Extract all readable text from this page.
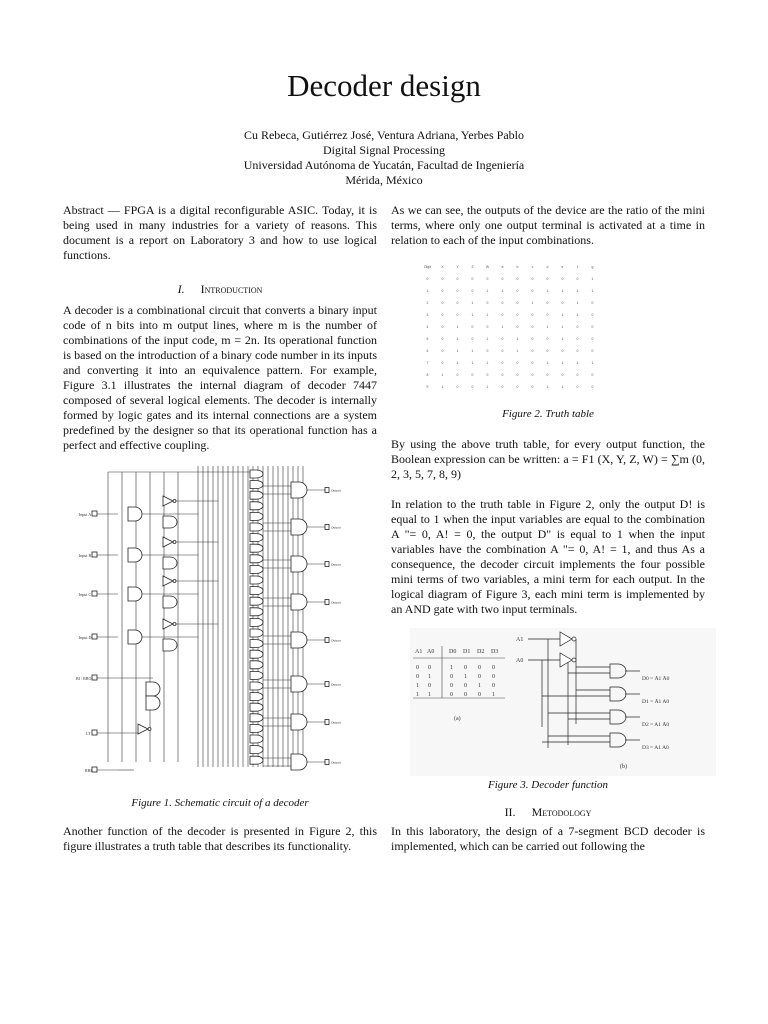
Decoder design
Cu Rebeca, Gutiérrez José, Ventura Adriana, Yerbes Pablo
Digital Signal Processing
Universidad Autónoma de Yucatán, Facultad de Ingeniería
Mérida, México
Abstract — FPGA is a digital reconfigurable ASIC. Today, it is being used in many industries for a variety of reasons. This document is a report on Laboratory 3 and how to use logical functions.
I. Introduction
A decoder is a combinational circuit that converts a binary input code of n bits into m output lines, where m is the number of combinations of the input code, m = 2n. Its operational function is based on the introduction of a binary code number in its inputs and converting it into an equivalence pattern. For example, Figure 3.1 illustrates the internal diagram of decoder 7447 composed of several logical elements. The decoder is internally formed by logic gates and its internal connections are a system predefined by the designer so that its operational function has a perfect and effective coupling.
Input A
Input B
Input C
Input D
BI / RBO
LT
RBI
Output
Output
Output
Output
Output
Output
Output
Output
Figure 1. Schematic circuit of a decoder
Another function of the decoder is presented in Figure 2, this figure illustrates a truth table that describes its functionality.
As we can see, the outputs of the device are the ratio of the mini terms, where only one output terminal is activated at a time in relation to each of the input combinations.
Digit	X	Y	Z	W	a	b	c	d	e	f	g
0	0	0	0	0	0	0	0	0	0	0	1
1	0	0	0	1	1	0	0	1	1	1	1
2	0	0	1	0	0	0	1	0	0	1	0
3	0	0	1	1	0	0	0	0	1	1	0
4	0	1	0	0	1	0	0	1	1	0	0
5	0	1	0	1	0	1	0	0	1	0	0
6	0	1	1	0	0	1	0	0	0	0	0
7	0	1	1	1	0	0	0	1	1	1	1
8	1	0	0	0	0	0	0	0	0	0	0
9	1	0	0	1	0	0	0	1	1	0	0
Figure 2. Truth table
By using the above truth table, for every output function, the Boolean expression can be written: a = F1 (X, Y, Z, W) = ∑m (0, 2, 3, 5, 7, 8, 9)
In relation to the truth table in Figure 2, only the output D! is equal to 1 when the input variables are equal to the combination A "= 0, A! = 0, the output D" is equal to 1 when the input variables have the combination A "= 0, A! = 1, and thus As a consequence, the decoder circuit implements the four possible mini terms of two variables, a mini term for each output. In the logical diagram of Figure 3, each mini term is implemented by an AND gate with two input terminals.
A1 A0 D0 D1 D2 D3
0 0	1 0 0 0
0 1	0 1 0 0
1 0	0 0 1 0
1 1	0 0 0 1
(a)
(b)
A1
A0
D0 = Ā1 Ā0
D1 = Ā1 A0
D2 = A1 Ā0
D3 = A1 A0
Figure 3. Decoder function
II. Metodology
In this laboratory, the design of a 7-segment BCD decoder is implemented, which can be carried out following the
